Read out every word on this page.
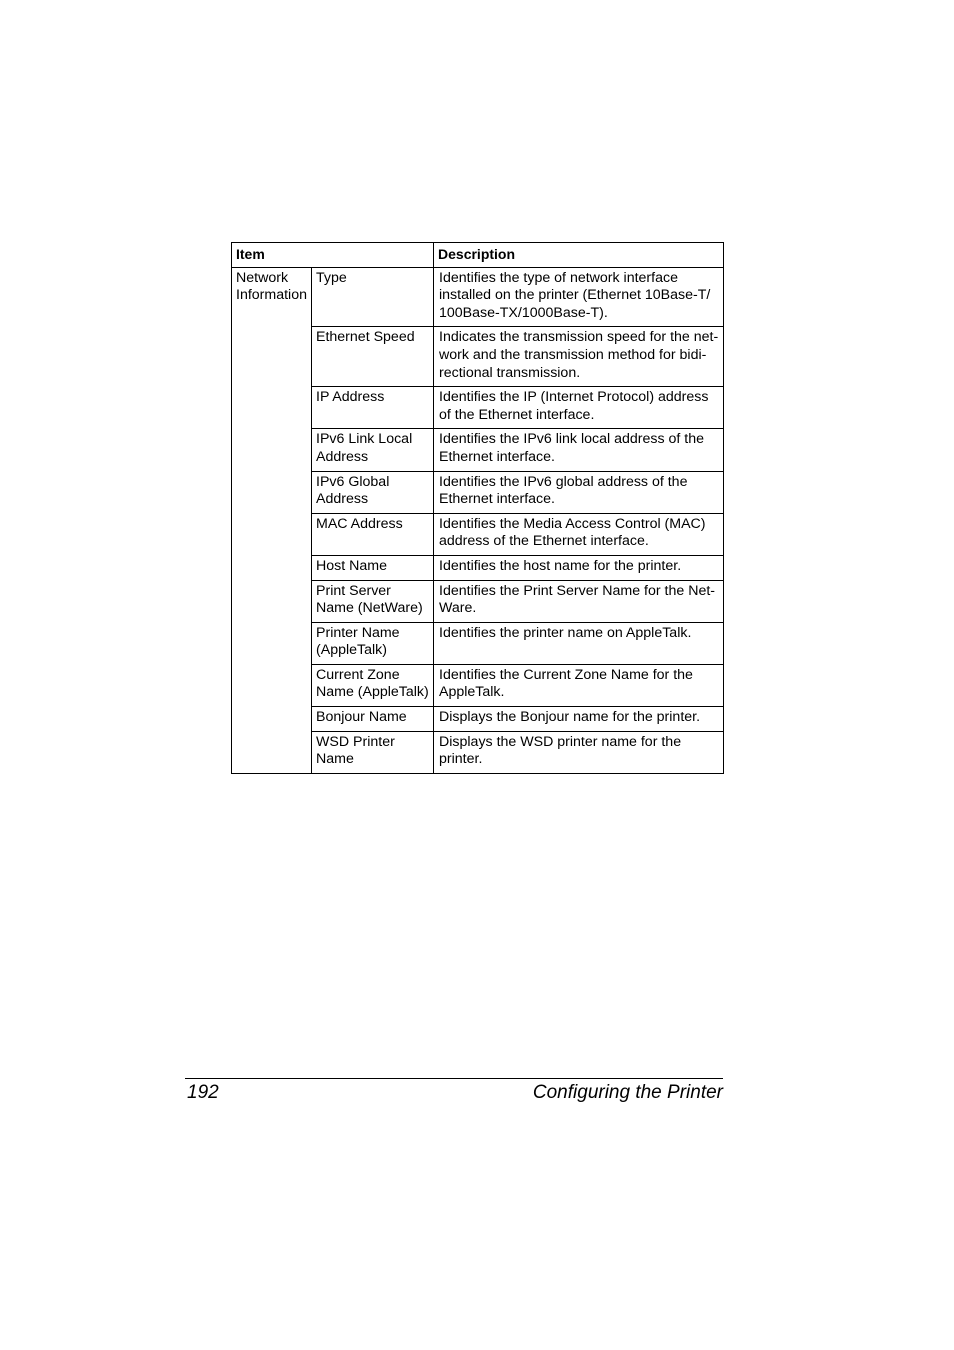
Item		Description
Network Information	Type	Identifies the type of network interface installed on the printer (Ethernet 10Base-T/ 100Base-TX/1000Base-T).
	Ethernet Speed	Indicates the transmission speed for the net-work and the transmission method for bidi-rectional transmission.
	IP Address	Identifies the IP (Internet Protocol) address of the Ethernet interface.
	IPv6 Link Local Address	Identifies the IPv6 link local address of the Ethernet interface.
	IPv6 Global Address	Identifies the IPv6 global address of the Ethernet interface.
	MAC Address	Identifies the Media Access Control (MAC) address of the Ethernet interface.
	Host Name	Identifies the host name for the printer.
	Print Server Name (NetWare)	Identifies the Print Server Name for the Net-Ware.
	Printer Name (AppleTalk)	Identifies the printer name on AppleTalk.
	Current Zone Name (AppleTalk)	Identifies the Current Zone Name for the AppleTalk.
	Bonjour Name	Displays the Bonjour name for the printer.
	WSD Printer Name	Displays the WSD printer name for the printer.
192	Configuring the Printer
